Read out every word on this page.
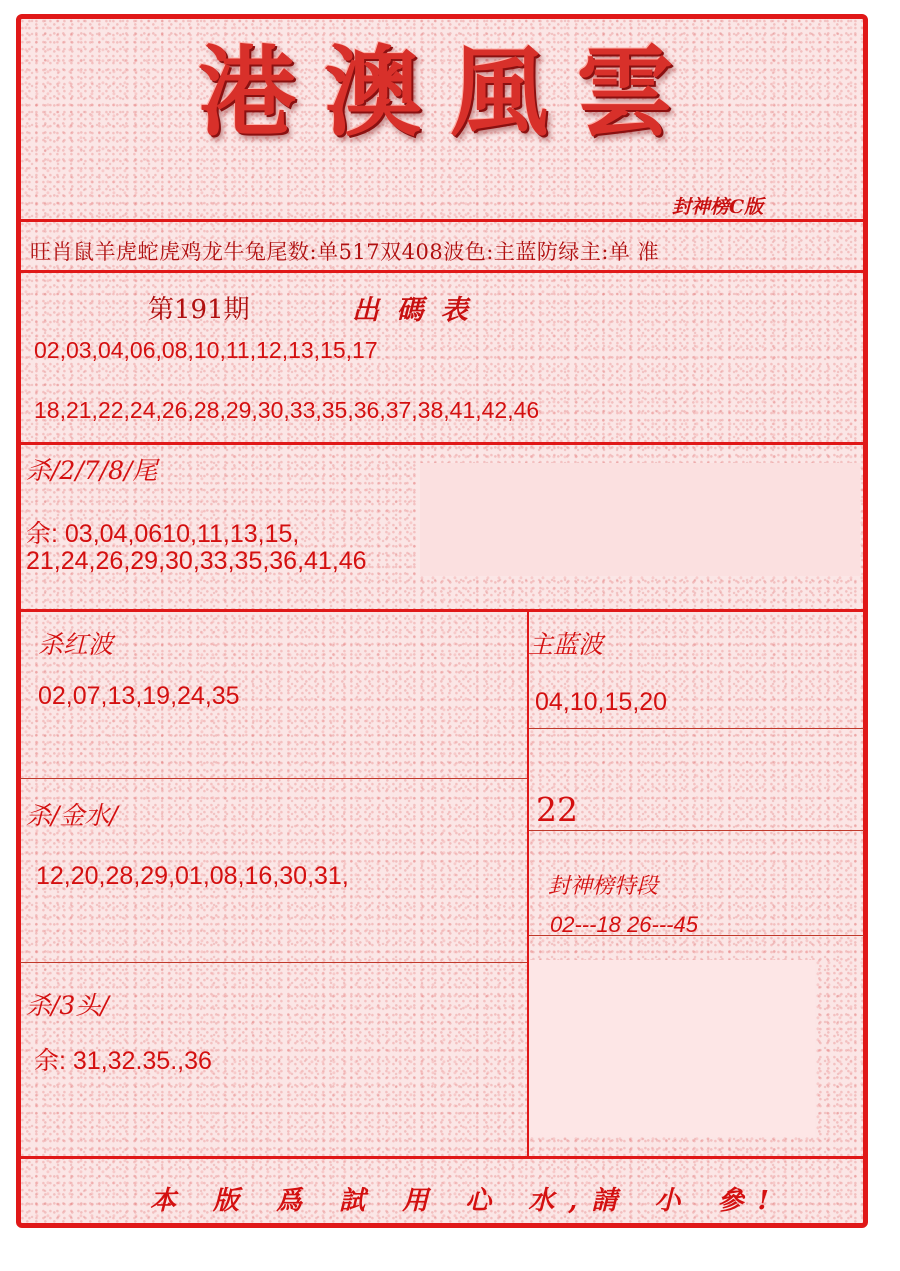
港澳風雲
封神榜C版
旺肖鼠羊虎蛇虎鸡龙牛兔尾数:单517双408波色:主蓝防绿主:单 准
第191期	出 碼 表
02,03,04,06,08,10,11,12,13,15,17
18,21,22,24,26,28,29,30,33,35,36,37,38,41,42,46
杀/2/7/8/尾
余: 03,04,0610,11,13,15,
21,24,26,29,30,33,35,36,41,46
杀红波
02,07,13,19,24,35
主蓝波
04,10,15,20
杀/金水/
12,20,28,29,01,08,16,30,31,
22
封神榜特段
02---18 26---45
杀/3头/
余: 31,32.35.,36
本 版 爲 試 用 心 水,請 小 參!
